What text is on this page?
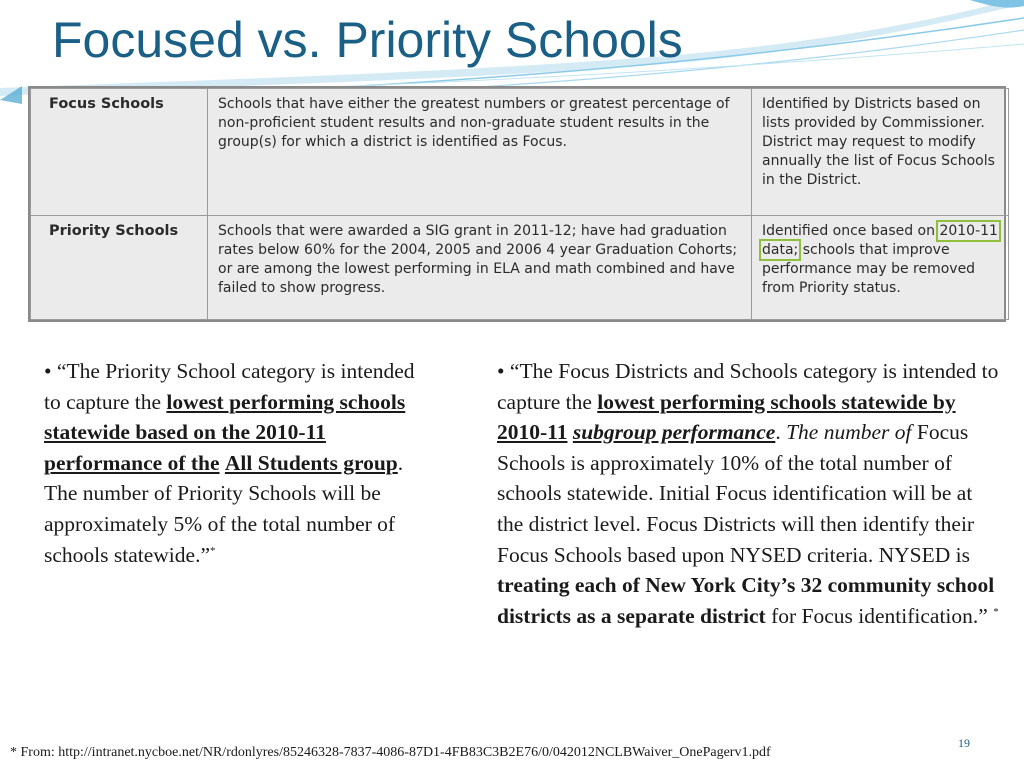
Focused vs. Priority Schools
Focus Schools	Schools that have either the greatest numbers or greatest percentage of non-proficient student results and non-graduate student results in the group(s) for which a district is identified as Focus.	Identified by Districts based on lists provided by Commissioner. District may request to modify annually the list of Focus Schools in the District.
Priority Schools	Schools that were awarded a SIG grant in 2011-12; have had graduation rates below 60% for the 2004, 2005 and 2006 4 year Graduation Cohorts; or are among the lowest performing in ELA and math combined and have failed to show progress.	Identified once based on 2010-11 data; schools that improve performance may be removed from Priority status.

• “The Priority School category is intended to capture the lowest performing schools statewide based on the 2010-11 performance of the All Students group. The number of Priority Schools will be approximately 5% of the total number of schools statewide.”*

• “The Focus Districts and Schools category is intended to capture the lowest performing schools statewide by 2010-11 subgroup performance. The number of Focus Schools is approximately 10% of the total number of schools statewide. Initial Focus identification will be at the district level. Focus Districts will then identify their Focus Schools based upon NYSED criteria. NYSED is treating each of New York City’s 32 community school districts as a separate district for Focus identification.” *

* From: http://intranet.nycboe.net/NR/rdonlyres/85246328-7837-4086-87D1-4FB83C3B2E76/0/042012NCLBWaiver_OnePagerv1.pdf
19
